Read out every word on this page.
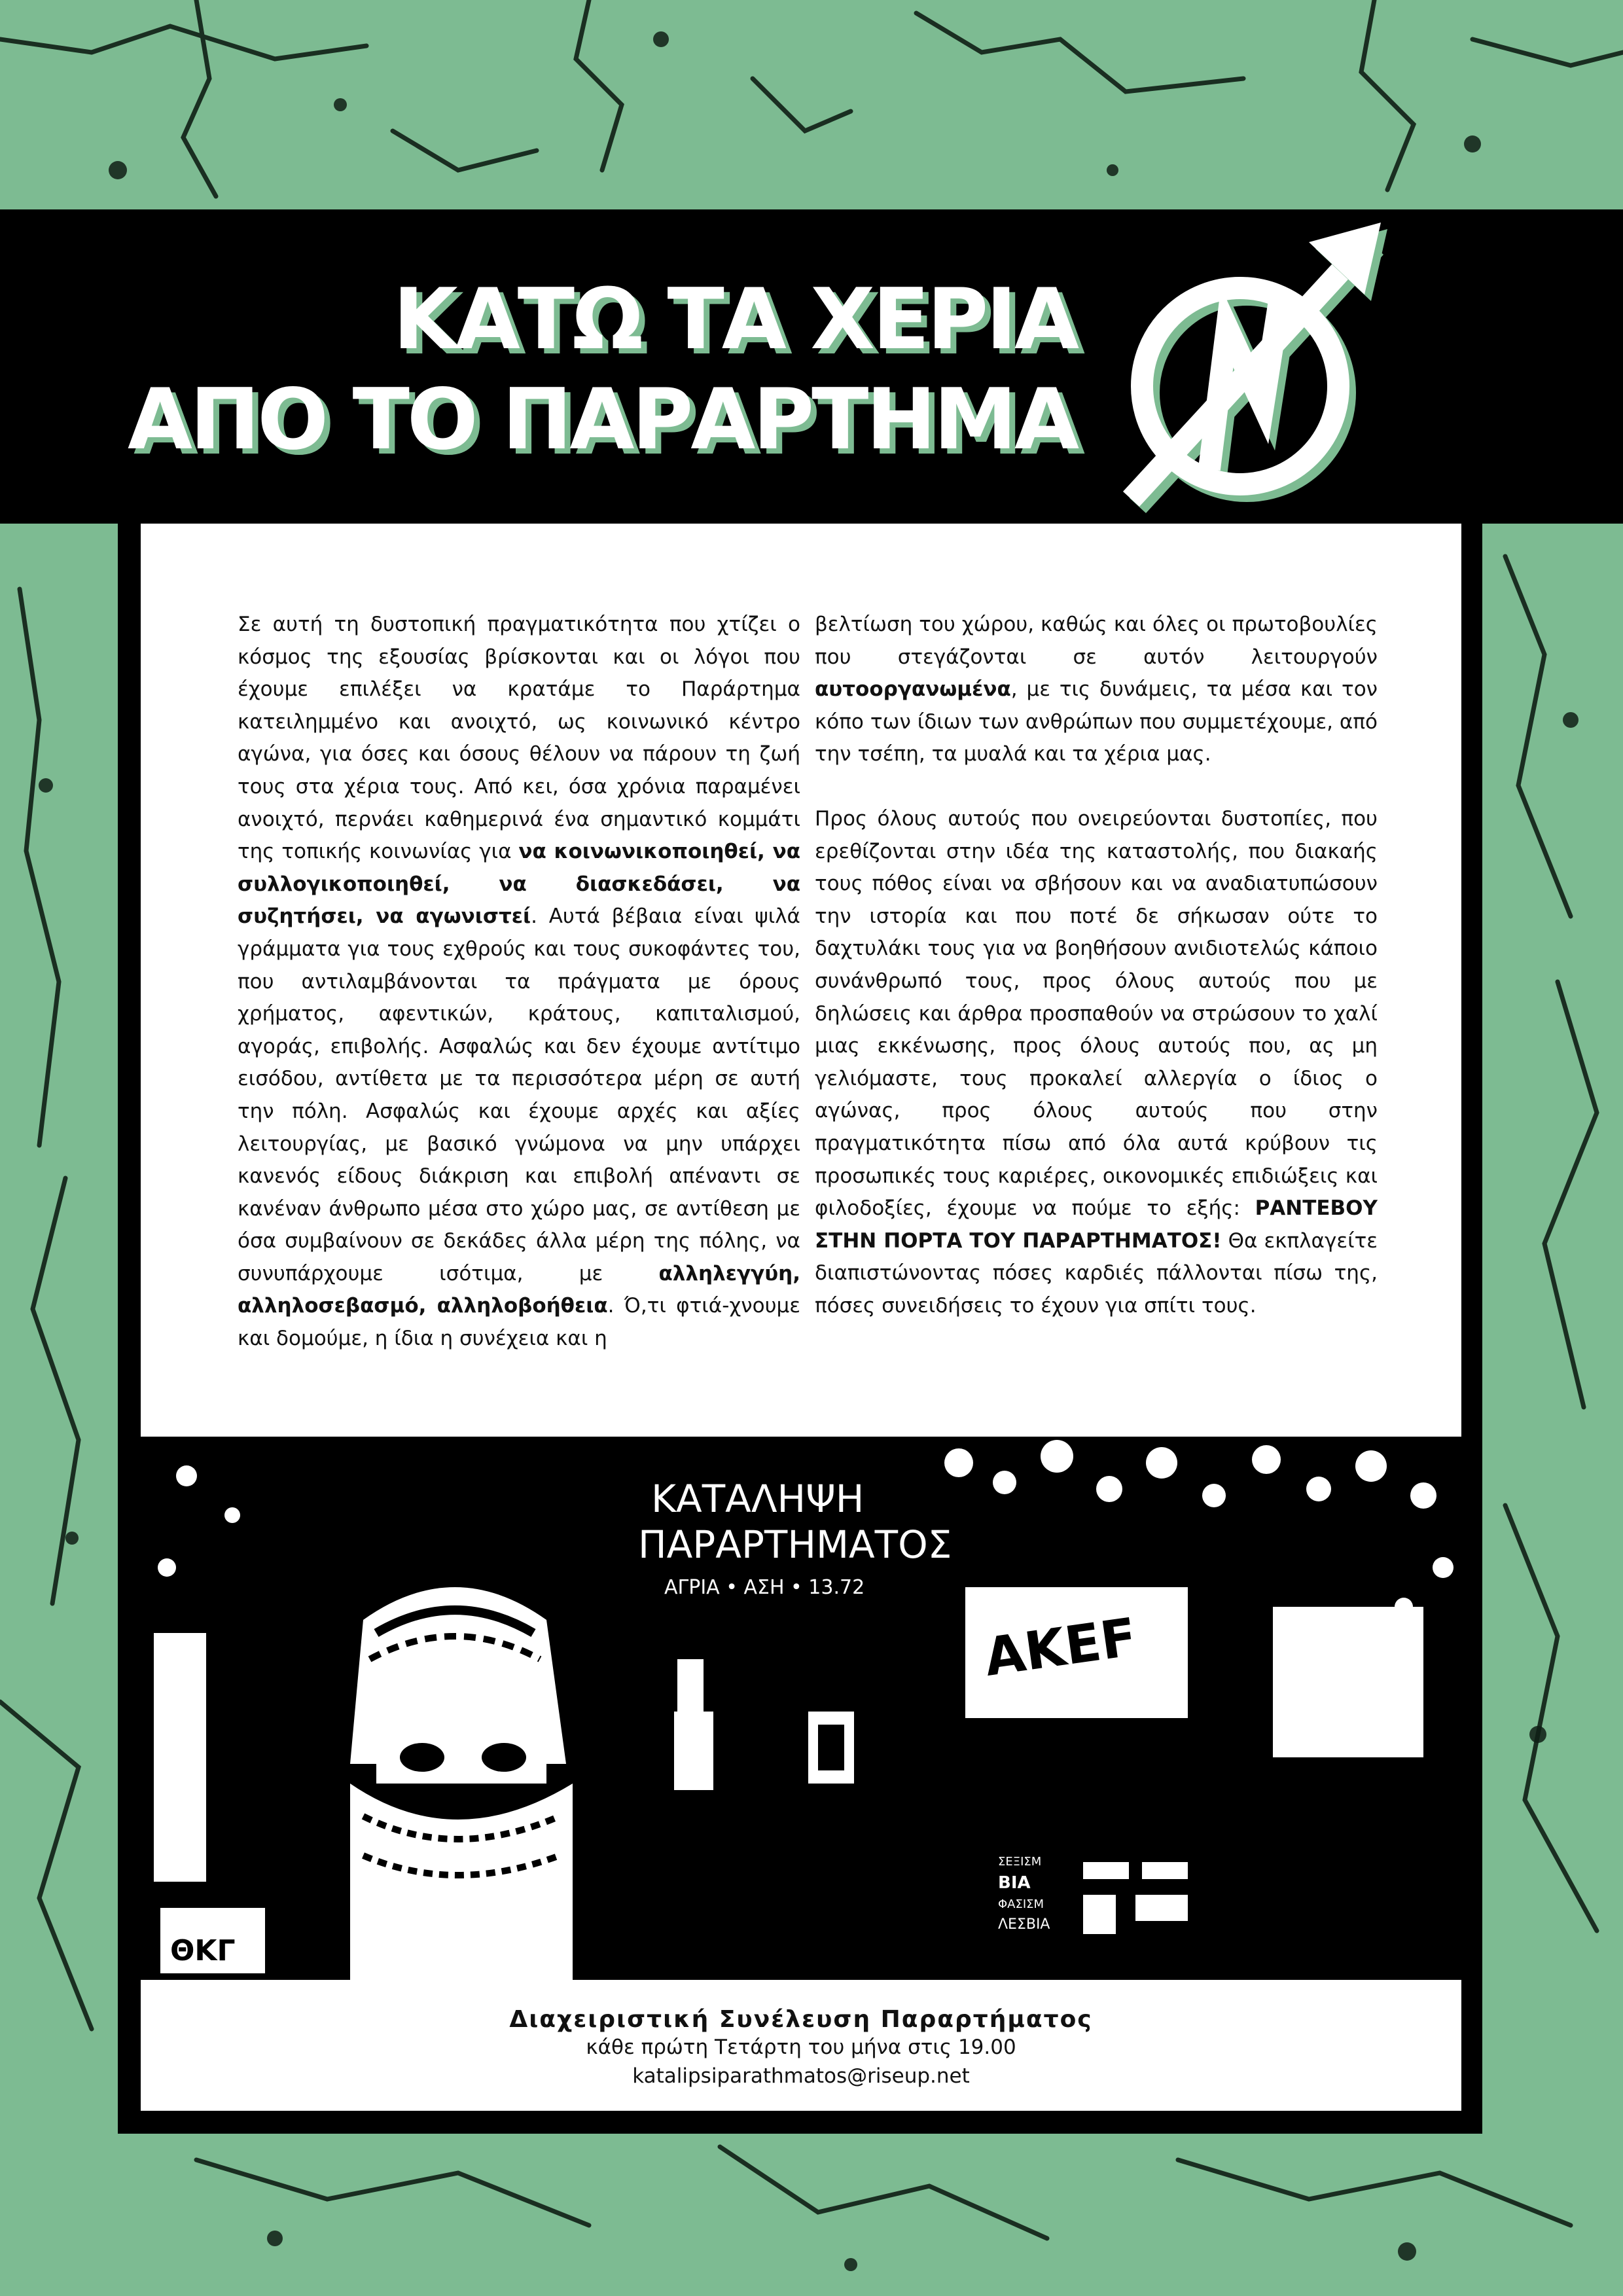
ΚΑΤΩ ΤΑ ΧΕΡΙΑ
ΑΠΟ ΤΟ ΠΑΡΑΡΤΗΜΑ

Σε αυτή τη δυστοπική πραγματικότητα που χτίζει ο κόσμος της εξουσίας βρίσκονται και οι λόγοι που έχουμε επιλέξει να κρατάμε το Παράρτημα κατειλημμένο και ανοιχτό, ως κοινωνικό κέντρο αγώνα, για όσες και όσους θέλουν να πάρουν τη ζωή τους στα χέρια τους. Από κει, όσα χρόνια παραμένει ανοιχτό, περνάει καθημερινά ένα σημαντικό κομμάτι της τοπικής κοινωνίας για να κοινωνικοποιηθεί, να συλλογικοποιηθεί, να διασκεδάσει, να συζητήσει, να αγωνιστεί. Αυτά βέβαια είναι ψιλά γράμματα για τους εχθρούς και τους συκοφάντες του, που αντιλαμβάνονται τα πράγματα με όρους χρήματος, αφεντικών, κράτους, καπιταλισμού, αγοράς, επιβολής. Ασφαλώς και δεν έχουμε αντίτιμο εισόδου, αντίθετα με τα περισσότερα μέρη σε αυτή την πόλη. Ασφαλώς και έχουμε αρχές και αξίες λειτουργίας, με βασικό γνώμονα να μην υπάρχει κανενός είδους διάκριση και επιβολή απέναντι σε κανέναν άνθρωπο μέσα στο χώρο μας, σε αντίθεση με όσα συμβαίνουν σε δεκάδες άλλα μέρη της πόλης, να συνυπάρχουμε ισότιμα, με αλληλεγγύη, αλληλοσεβασμό, αλληλοβοήθεια. Ό,τι φτιά-χνουμε και δομούμε, η ίδια η συνέχεια και η

βελτίωση του χώρου, καθώς και όλες οι πρωτοβουλίες που στεγάζονται σε αυτόν λειτουργούν αυτοοργανωμένα, με τις δυνάμεις, τα μέσα και τον κόπο των ίδιων των ανθρώπων που συμμετέχουμε, από την τσέπη, τα μυαλά και τα χέρια μας.

Προς όλους αυτούς που ονειρεύονται δυστοπίες, που ερεθίζονται στην ιδέα της καταστολής, που διακαής τους πόθος είναι να σβήσουν και να αναδιατυπώσουν την ιστορία και που ποτέ δε σήκωσαν ούτε το δαχτυλάκι τους για να βοηθήσουν ανιδιοτελώς κάποιο συνάνθρωπό τους, προς όλους αυτούς που με δηλώσεις και άρθρα προσπαθούν να στρώσουν το χαλί μιας εκκένωσης, προς όλους αυτούς που, ας μη γελιόμαστε, τους προκαλεί αλλεργία ο ίδιος ο αγώνας, προς όλους αυτούς που στην πραγματικότητα πίσω από όλα αυτά κρύβουν τις προσωπικές τους καριέρες, οικονομικές επιδιώξεις και φιλοδοξίες, έχουμε να πούμε το εξής: ΡΑΝΤΕΒΟΥ ΣΤΗΝ ΠΟΡΤΑ ΤΟΥ ΠΑΡΑΡΤΗΜΑΤΟΣ! Θα εκπλαγείτε διαπιστώνοντας πόσες καρδιές πάλλονται πίσω της, πόσες συνειδήσεις το έχουν για σπίτι τους.

ΘΚΓ
ΚΑΤΑΛΗΨΗ
ΠΑΡΑΡΤΗΜΑΤΟΣ
ΑΓΡΙΑ • ΑΣΗ • 13.72
AKEF
ΣΕΞΙΣΜ
ΒΙΑ
ΦΑΣΙΣΜ
ΛΕΣΒΙΑ
Διαχειριστική Συνέλευση Παραρτήματος
κάθε πρώτη Τετάρτη του μήνα στις 19.00
katalipsiparathmatos@riseup.net
